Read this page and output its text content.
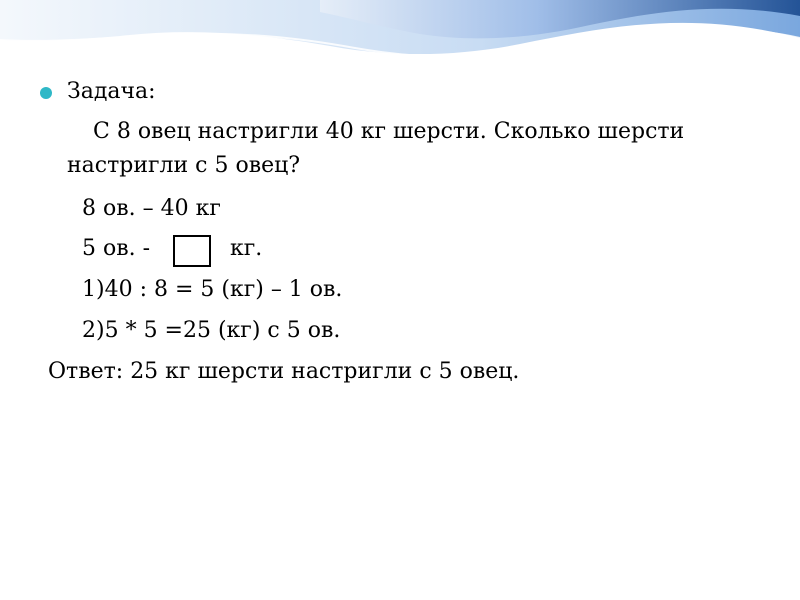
Задача:
С 8 овец настригли 40 кг шерсти. Сколько шерсти
настригли с 5 овец?
8 ов. – 40 кг
5 ов. -	кг.
1)40 : 8 = 5 (кг) – 1 ов.
2)5 * 5 =25 (кг) с 5 ов.
Ответ: 25 кг шерсти настригли с 5 овец.
